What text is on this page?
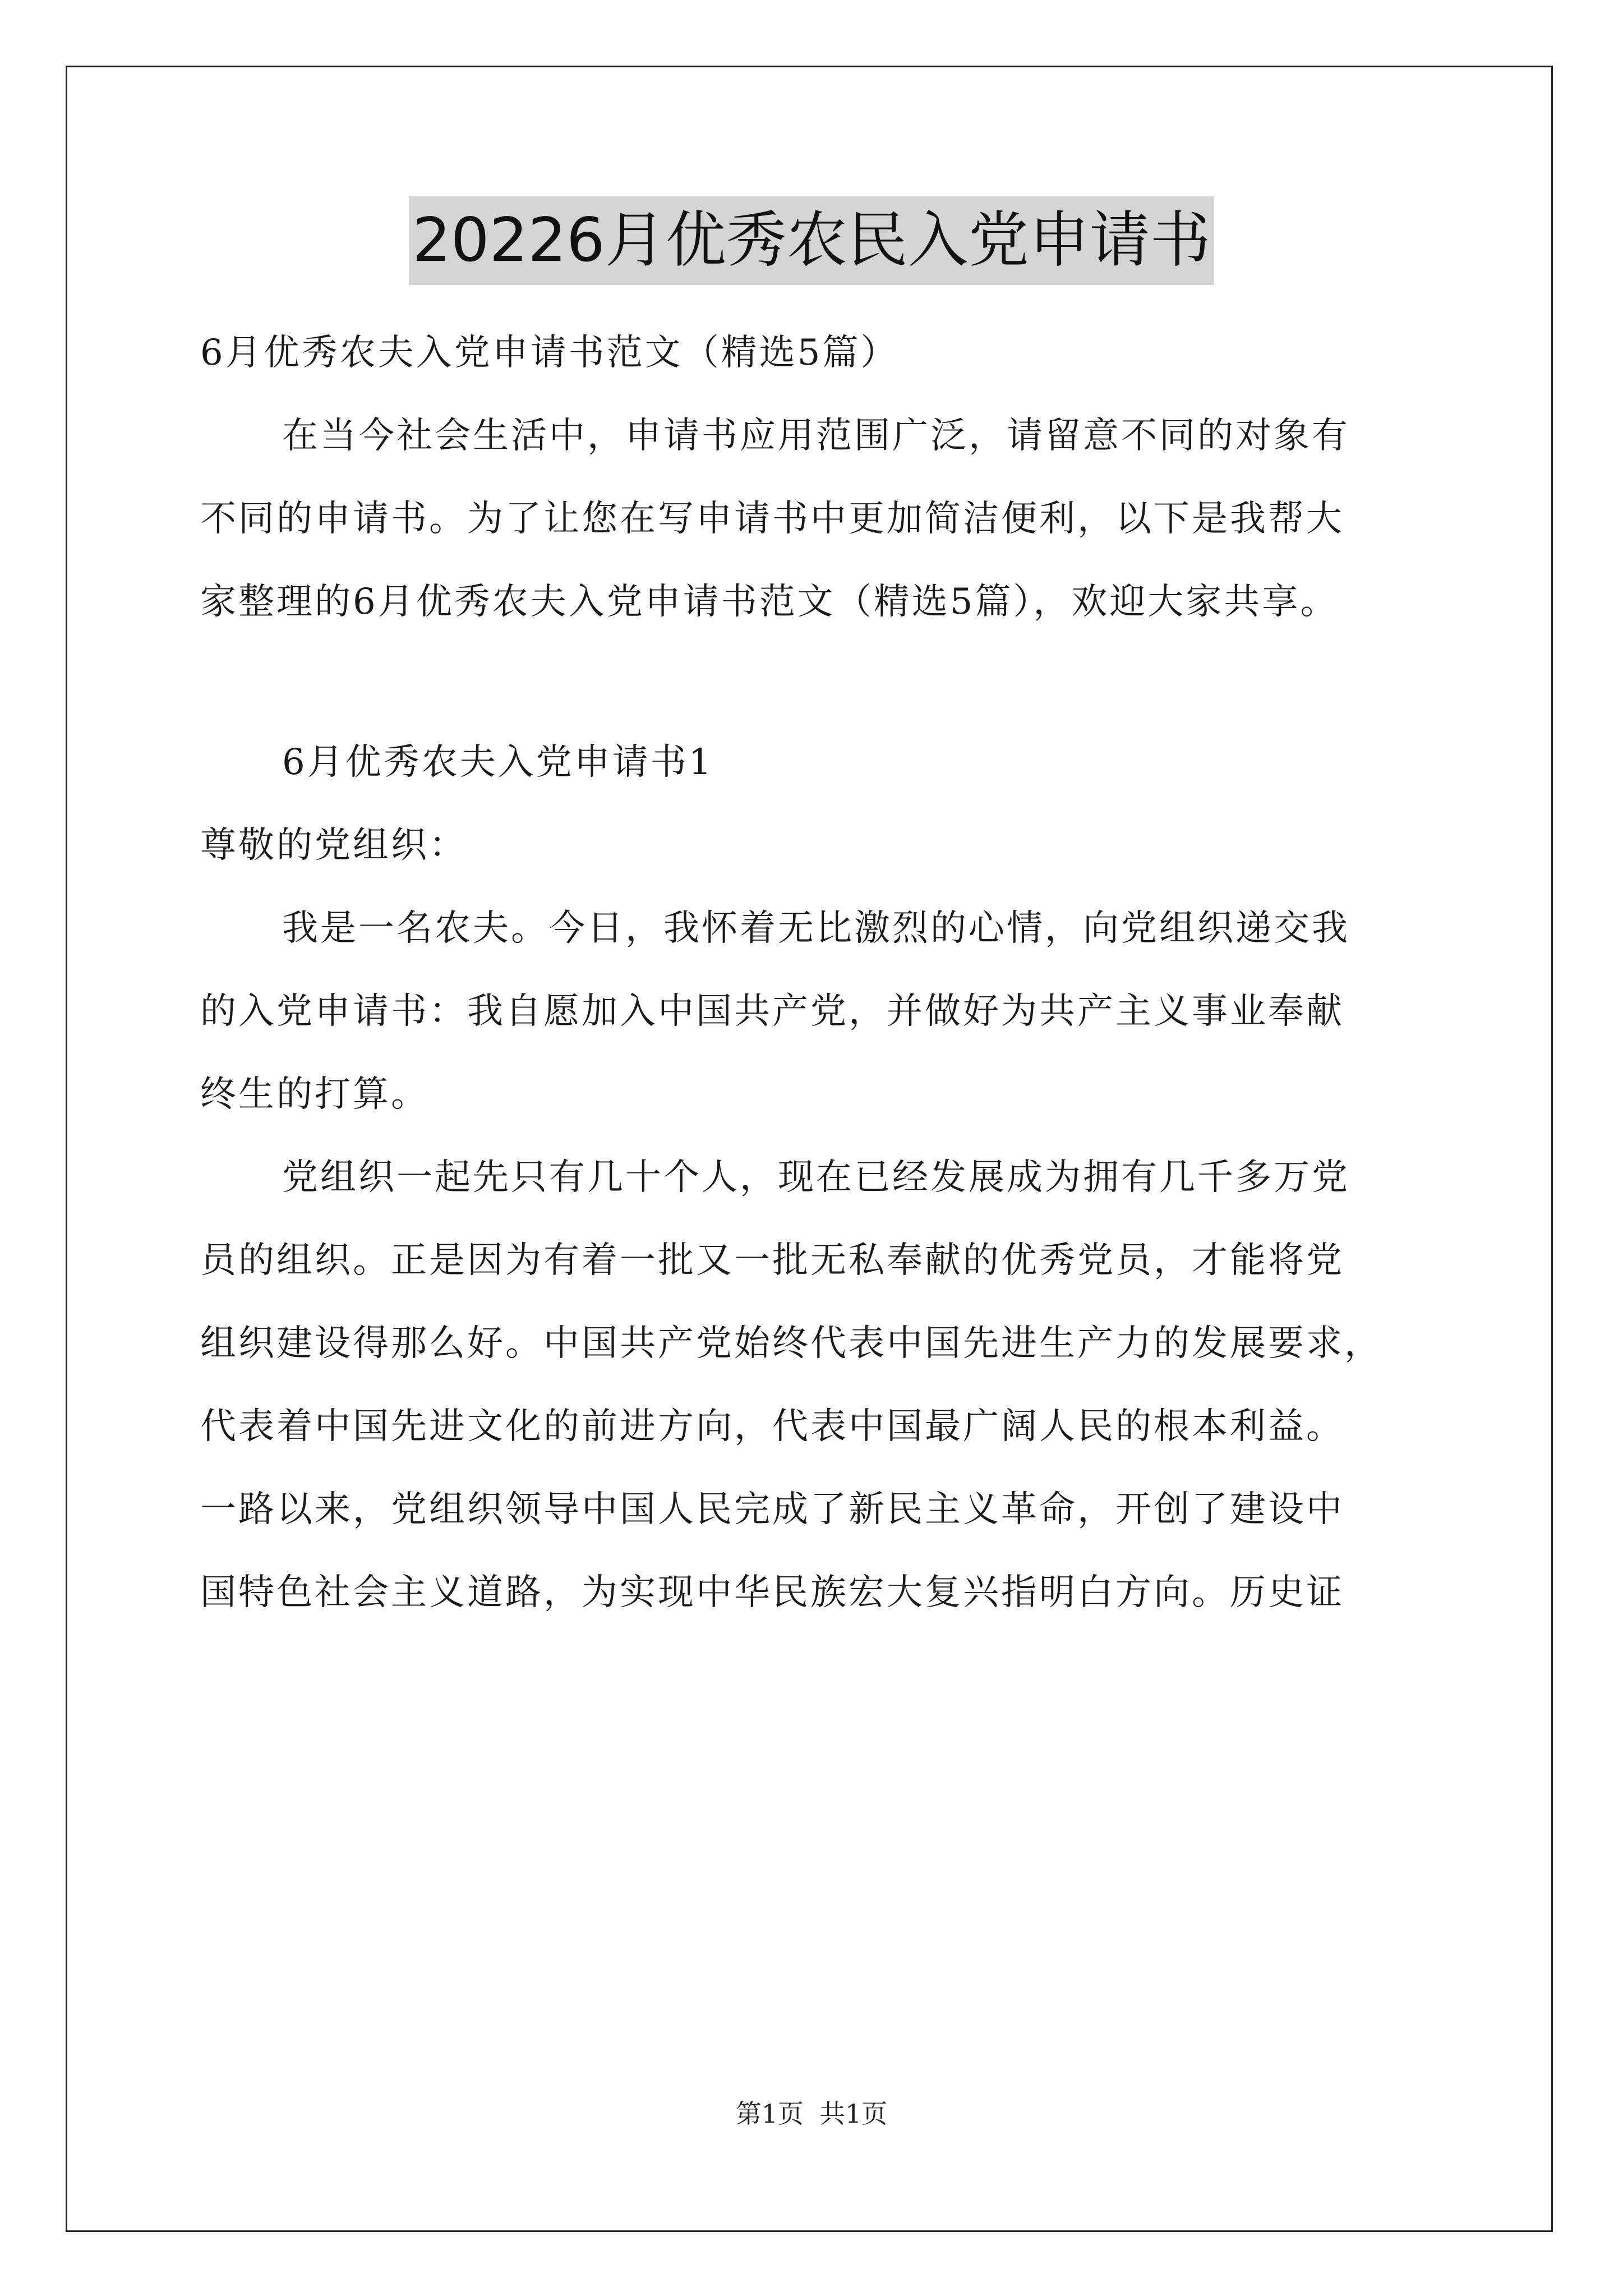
20226月优秀农民入党申请书

6月优秀农夫入党申请书范文（精选5篇）

在当今社会生活中，申请书应用范围广泛，请留意不同的对象有

不同的申请书。为了让您在写申请书中更加简洁便利，以下是我帮大

家整理的6月优秀农夫入党申请书范文（精选5篇），欢迎大家共享。

6月优秀农夫入党申请书1

尊敬的党组织：

我是一名农夫。今日，我怀着无比激烈的心情，向党组织递交我

的入党申请书：我自愿加入中国共产党，并做好为共产主义事业奉献

终生的打算。

党组织一起先只有几十个人，现在已经发展成为拥有几千多万党

员的组织。正是因为有着一批又一批无私奉献的优秀党员，才能将党

组织建设得那么好。中国共产党始终代表中国先进生产力的发展要求，

代表着中国先进文化的前进方向，代表中国最广阔人民的根本利益。

一路以来，党组织领导中国人民完成了新民主义革命，开创了建设中

国特色社会主义道路，为实现中华民族宏大复兴指明白方向。历史证

第1页 共1页
